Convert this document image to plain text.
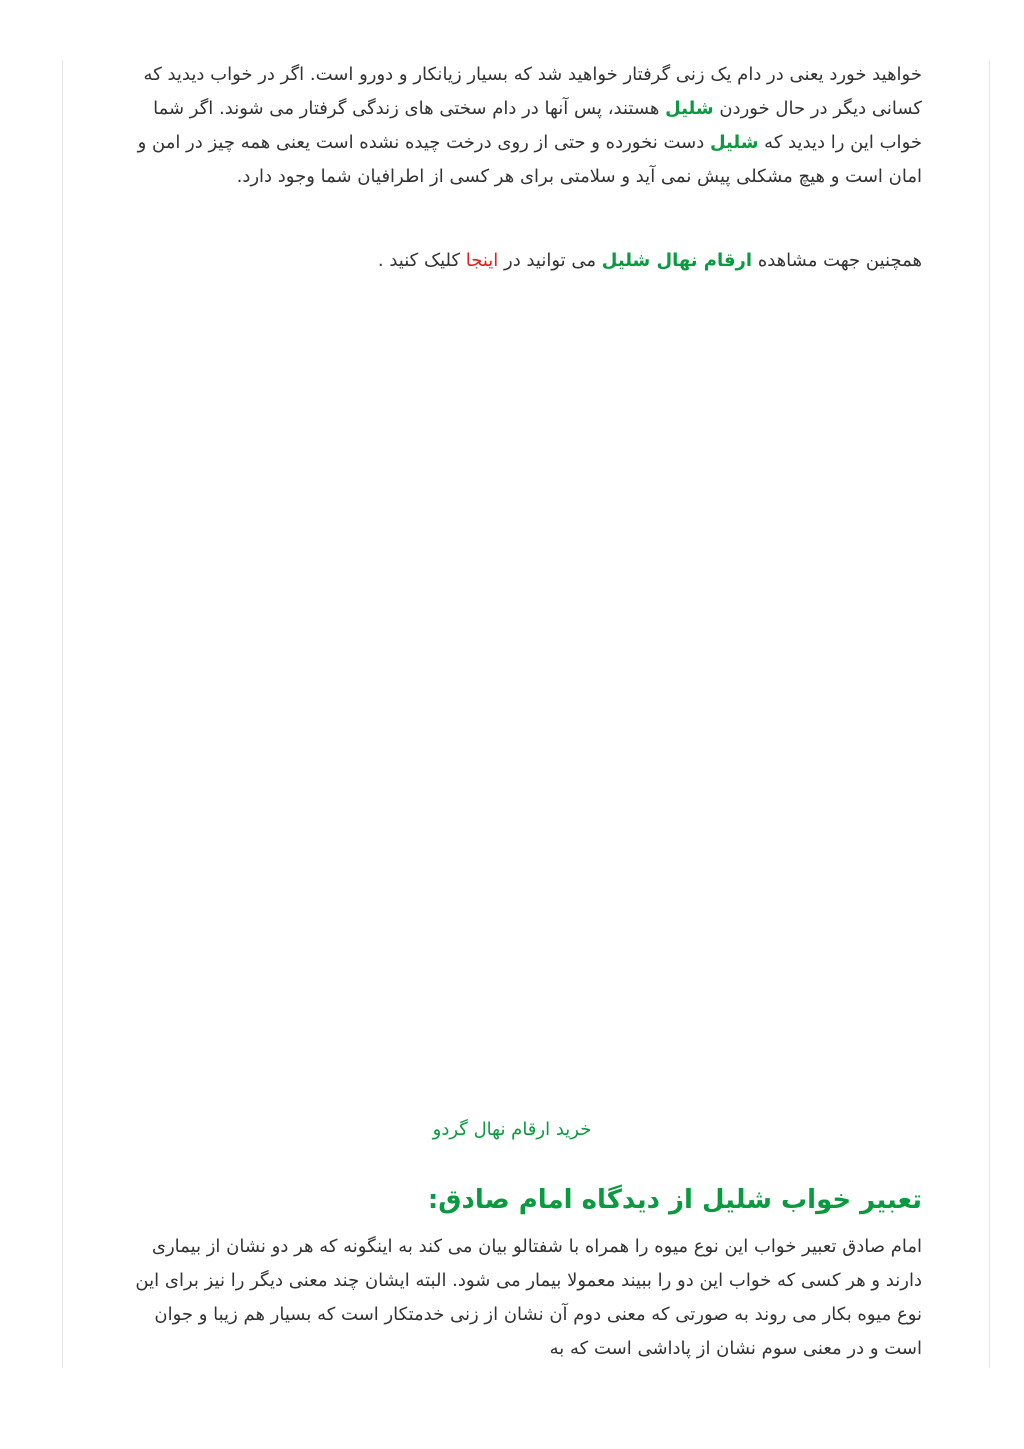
خواهید خورد یعنی در دام یک زنی گرفتار خواهید شد که بسیار زیانکار و دورو است. اگر در خواب دیدید که کسانی دیگر در حال خوردن شلیل هستند، پس آنها در دام سختی های زندگی گرفتار می شوند. اگر شما خواب این را دیدید که شلیل دست نخورده و حتی از روی درخت چیده نشده است یعنی همه چیز در امن و امان است و هیچ مشکلی پیش نمی آید و سلامتی برای هر کسی از اطرافیان شما وجود دارد.

همچنین جهت مشاهده ارقام نهال شلیل می توانید در اینجا کلیک کنید .

خرید ارقام نهال گردو
تعبیر خواب شلیل از دیدگاه امام صادق:

امام صادق تعبیر خواب این نوع میوه را همراه با شفتالو بیان می کند به اینگونه که هر دو نشان از بیماری دارند و هر کسی که خواب این دو را ببیند معمولا بیمار می شود. البته ایشان چند معنی دیگر را نیز برای این نوع میوه بکار می روند به صورتی که معنی دوم آن نشان از زنی خدمتکار است که بسیار هم زیبا و جوان است و در معنی سوم نشان از پاداشی است که به
